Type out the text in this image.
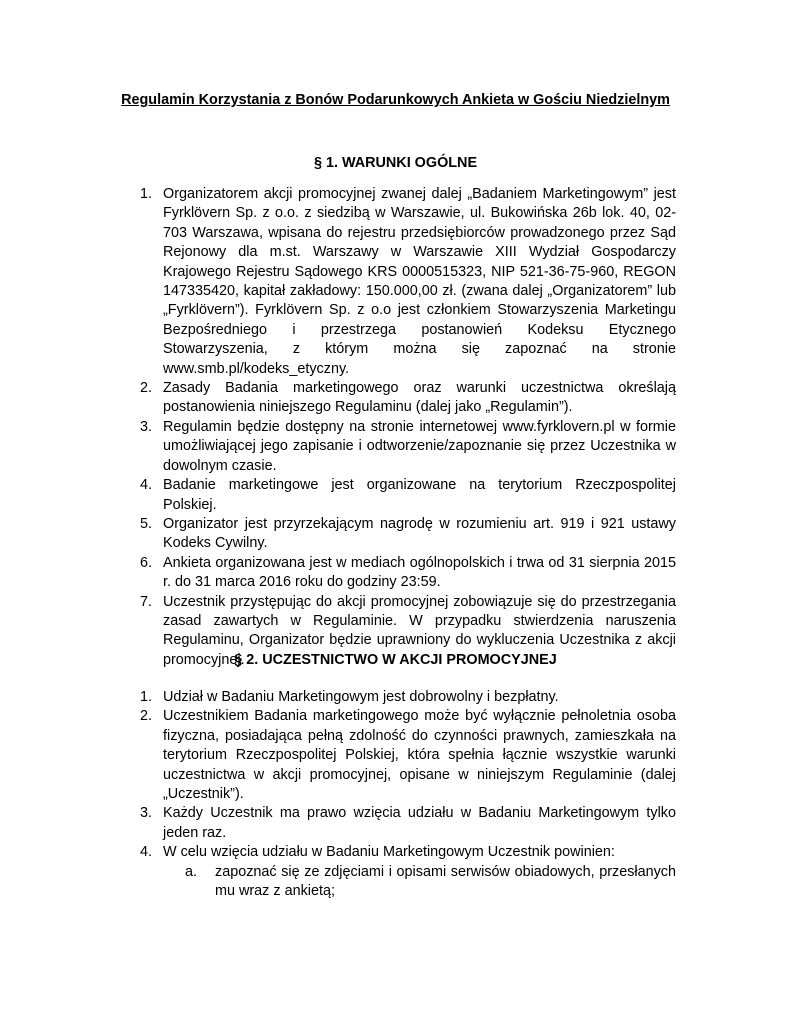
Regulamin Korzystania z Bonów Podarunkowych Ankieta w Gościu Niedzielnym

§ 1. WARUNKI OGÓLNE

1. Organizatorem akcji promocyjnej zwanej dalej „Badaniem Marketingowym” jest Fyrklövern Sp. z o.o. z siedzibą w Warszawie, ul. Bukowińska 26b lok. 40, 02-703 Warszawa, wpisana do rejestru przedsiębiorców prowadzonego przez Sąd Rejonowy dla m.st. Warszawy w Warszawie XIII Wydział Gospodarczy Krajowego Rejestru Sądowego KRS 0000515323, NIP 521-36-75-960, REGON 147335420, kapitał zakładowy: 150.000,00 zł. (zwana dalej „Organizatorem” lub „Fyrklövern”). Fyrklövern Sp. z o.o jest członkiem Stowarzyszenia Marketingu Bezpośredniego i przestrzega postanowień Kodeksu Etycznego Stowarzyszenia, z którym można się zapoznać na stronie www.smb.pl/kodeks_etyczny.
2. Zasady Badania marketingowego oraz warunki uczestnictwa określają postanowienia niniejszego Regulaminu (dalej jako „Regulamin”).
3. Regulamin będzie dostępny na stronie internetowej www.fyrklovern.pl w formie umożliwiającej jego zapisanie i odtworzenie/zapoznanie się przez Uczestnika w dowolnym czasie.
4. Badanie marketingowe jest organizowane na terytorium Rzeczpospolitej Polskiej.
5. Organizator jest przyrzekającym nagrodę w rozumieniu art. 919 i 921 ustawy Kodeks Cywilny.
6. Ankieta organizowana jest w mediach ogólnopolskich i trwa od 31 sierpnia 2015 r. do 31 marca 2016 roku do godziny 23:59.
7. Uczestnik przystępując do akcji promocyjnej zobowiązuje się do przestrzegania zasad zawartych w Regulaminie. W przypadku stwierdzenia naruszenia Regulaminu, Organizator będzie uprawniony do wykluczenia Uczestnika z akcji promocyjnej.

§ 2. UCZESTNICTWO W AKCJI PROMOCYJNEJ

1. Udział w Badaniu Marketingowym jest dobrowolny i bezpłatny.
2. Uczestnikiem Badania marketingowego może być wyłącznie pełnoletnia osoba fizyczna, posiadająca pełną zdolność do czynności prawnych, zamieszkała na terytorium Rzeczpospolitej Polskiej, która spełnia łącznie wszystkie warunki uczestnictwa w akcji promocyjnej, opisane w niniejszym Regulaminie (dalej „Uczestnik”).
3. Każdy Uczestnik ma prawo wzięcia udziału w Badaniu Marketingowym tylko jeden raz.
4. W celu wzięcia udziału w Badaniu Marketingowym Uczestnik powinien:
a. zapoznać się ze zdjęciami i opisami serwisów obiadowych, przesłanych mu wraz z ankietą;
